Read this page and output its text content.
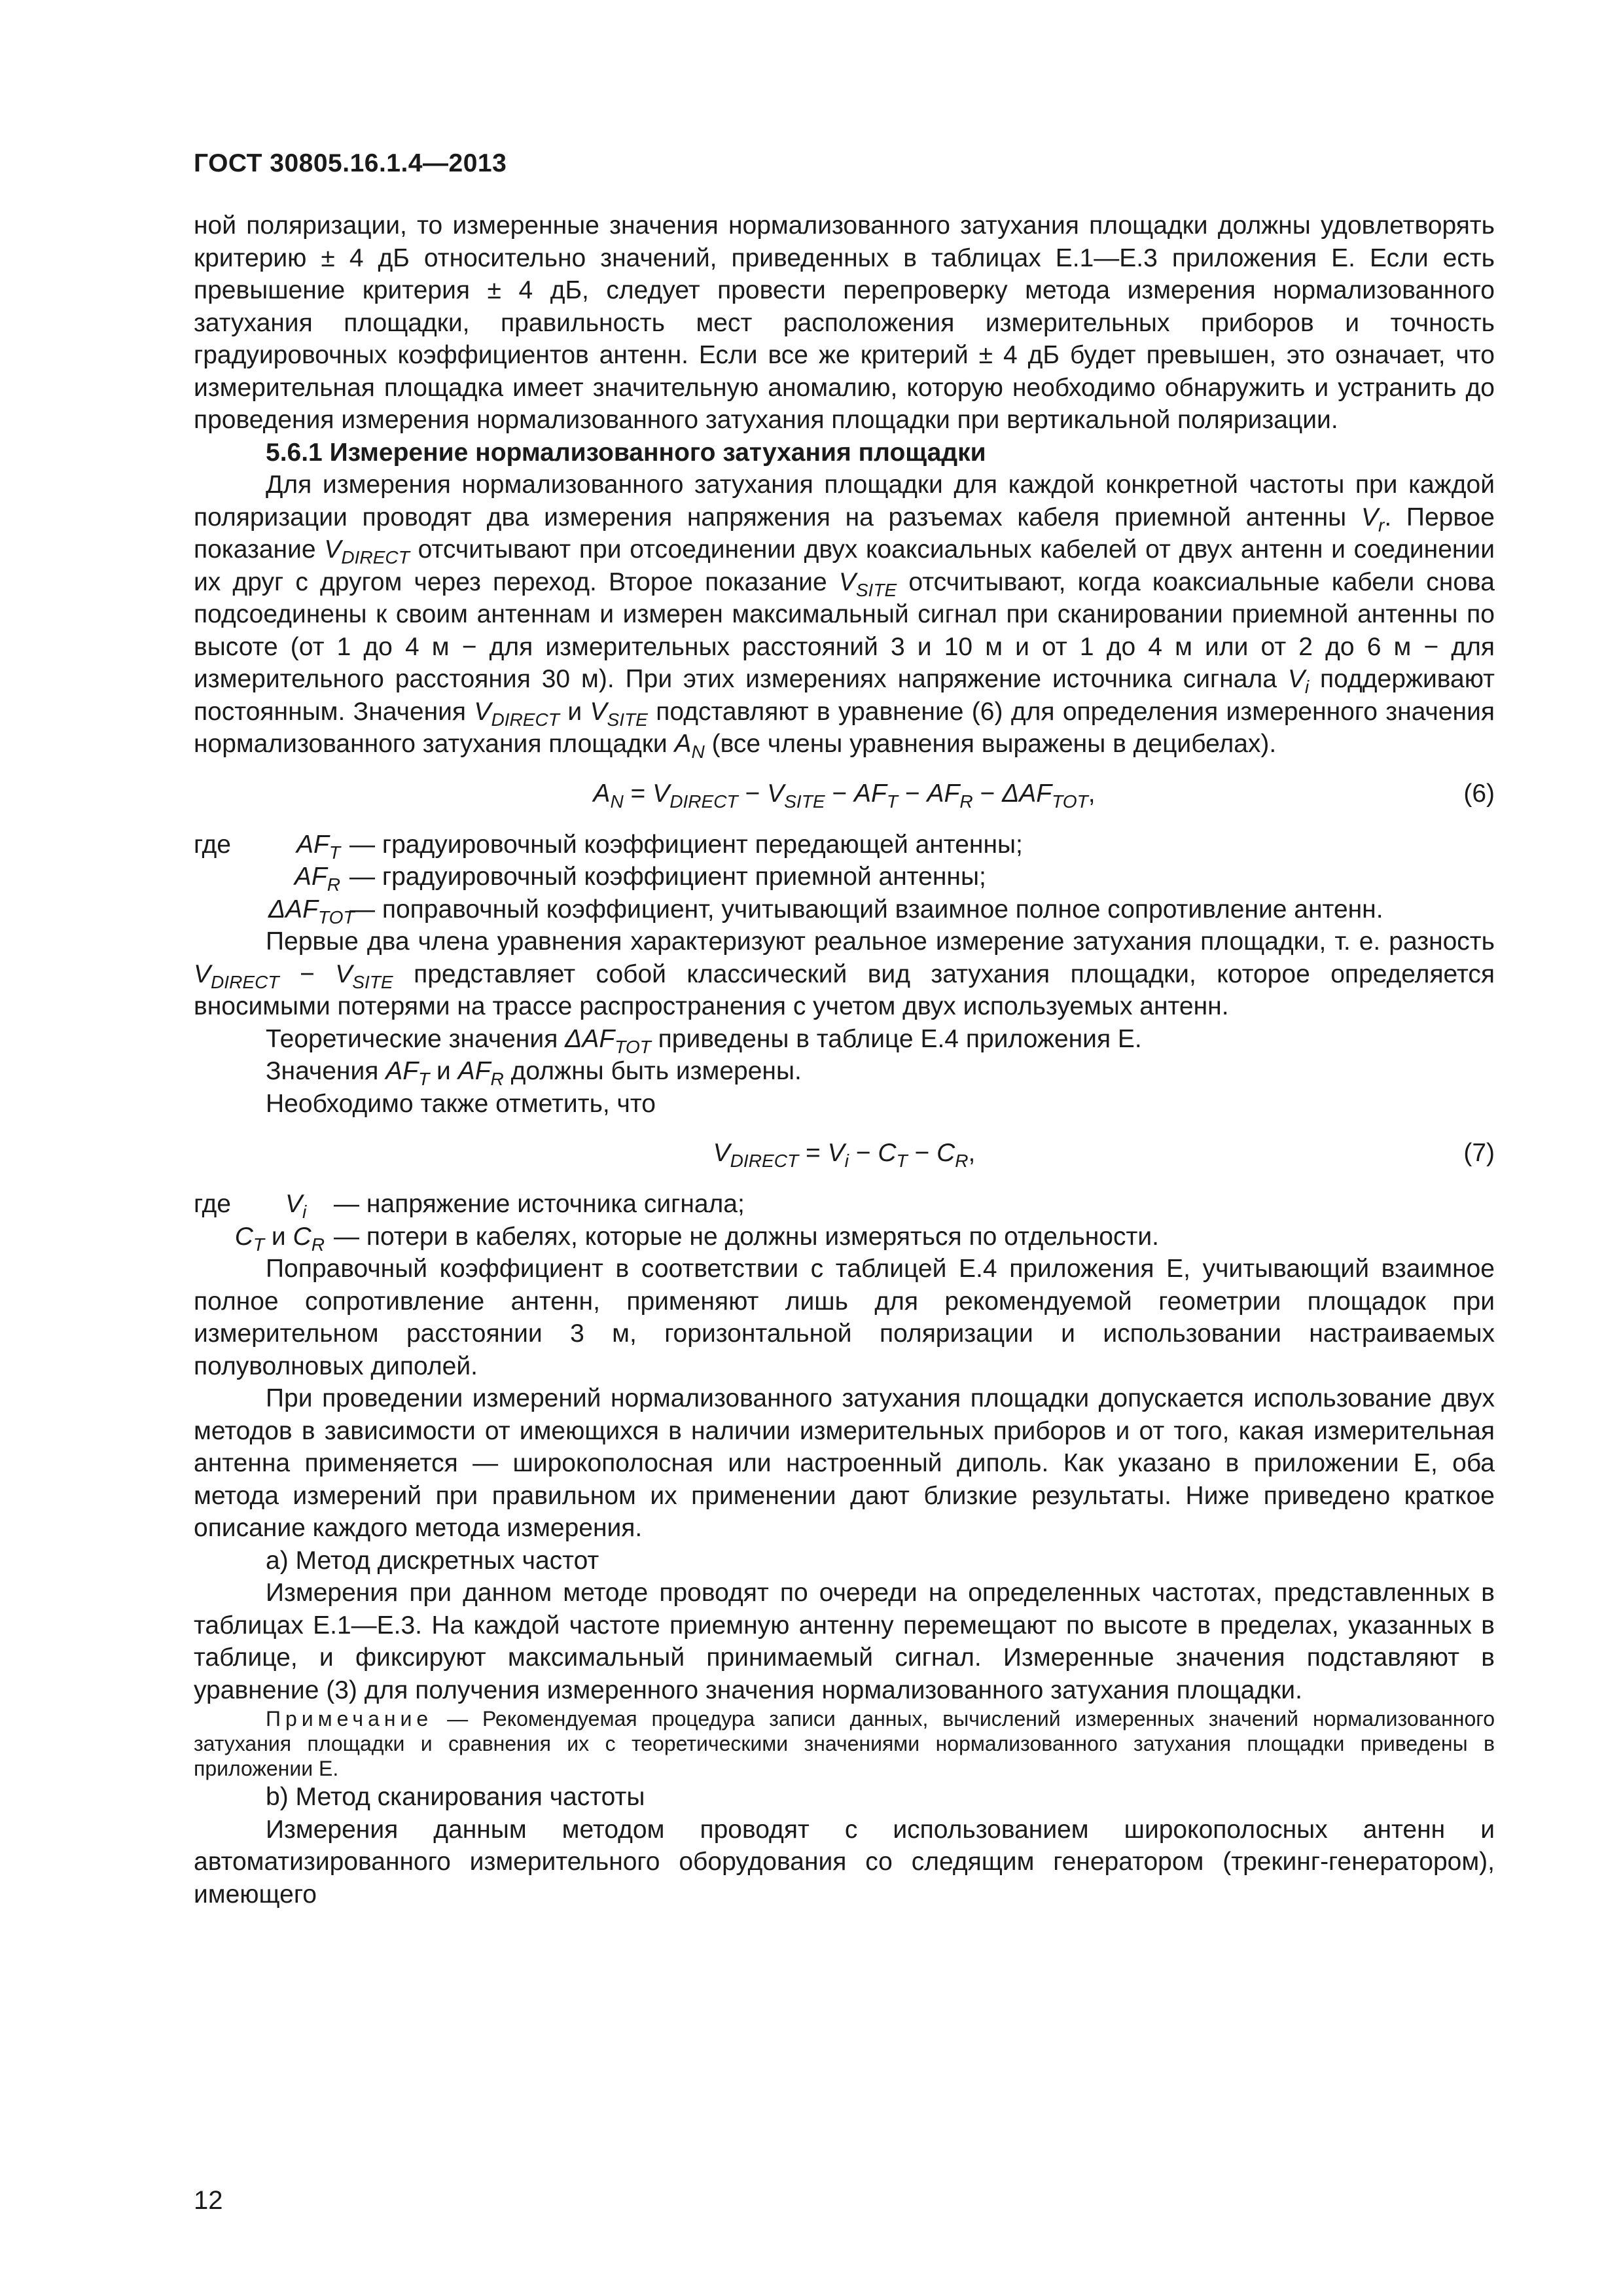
ГОСТ 30805.16.1.4—2013

ной поляризации, то измеренные значения нормализованного затухания площадки должны удовлетворять критерию ± 4 дБ относительно значений, приведенных в таблицах Е.1—Е.3 приложения Е. Если есть превышение критерия ± 4 дБ, следует провести перепроверку метода измерения нормализованного затухания площадки, правильность мест расположения измерительных приборов и точность градуировочных коэффициентов антенн. Если все же критерий ± 4 дБ будет превышен, это означает, что измерительная площадка имеет значительную аномалию, которую необходимо обнаружить и устранить до проведения измерения нормализованного затухания площадки при вертикальной поляризации.

5.6.1 Измерение нормализованного затухания площадки

Для измерения нормализованного затухания площадки для каждой конкретной частоты при каждой поляризации проводят два измерения напряжения на разъемах кабеля приемной антенны $V_r$. Первое показание $V_{DIRECT}$ отсчитывают при отсоединении двух коаксиальных кабелей от двух антенн и соединении их друг с другом через переход. Второе показание $V_{SITE}$ отсчитывают, когда коаксиальные кабели снова подсоединены к своим антеннам и измерен максимальный сигнал при сканировании приемной антенны по высоте (от 1 до 4 м − для измерительных расстояний 3 и 10 м и от 1 до 4 м или от 2 до 6 м − для измерительного расстояния 30 м). При этих измерениях напряжение источника сигнала $V_i$ поддерживают постоянным. Значения $V_{DIRECT}$ и $V_{SITE}$ подставляют в уравнение (6) для определения измеренного значения нормализованного затухания площадки $A_N$ (все члены уравнения выражены в децибелах).

$A_N = V_{DIRECT} - V_{SITE} - AF_T - AF_R - \Delta AF_{TOT}$,	(6)
где	$AF_T$ — градуировочный коэффициент передающей антенны;
$AF_R$ — градуировочный коэффициент приемной антенны;
$\Delta AF_{TOT}$
— поправочный коэффициент, учитывающий взаимное полное сопротивление антенн.

Первые два члена уравнения характеризуют реальное измерение затухания площадки, т. е. разность $V_{DIRECT} - V_{SITE}$ представляет собой классический вид затухания площадки, которое определяется вносимыми потерями на трассе распространения с учетом двух используемых антенн.

Теоретические значения $\Delta AF_{TOT}$ приведены в таблице Е.4 приложения Е.

Значения $AF_T$ и $AF_R$ должны быть измерены.

Необходимо также отметить, что

$V_{DIRECT} = V_i - C_T - C_R$,	(7)
где	$V_i$	— напряжение источника сигнала;
$C_T$ и $C_R$ — потери в кабелях, которые не должны измеряться по отдельности.

Поправочный коэффициент в соответствии с таблицей Е.4 приложения Е, учитывающий взаимное полное сопротивление антенн, применяют лишь для рекомендуемой геометрии площадок при измерительном расстоянии 3 м, горизонтальной поляризации и использовании настраиваемых полуволновых диполей.

При проведении измерений нормализованного затухания площадки допускается использование двух методов в зависимости от имеющихся в наличии измерительных приборов и от того, какая измерительная антенна применяется — широкополосная или настроенный диполь. Как указано в приложении Е, оба метода измерений при правильном их применении дают близкие результаты. Ниже приведено краткое описание каждого метода измерения.

а) Метод дискретных частот

Измерения при данном методе проводят по очереди на определенных частотах, представленных в таблицах Е.1—Е.3. На каждой частоте приемную антенну перемещают по высоте в пределах, указанных в таблице, и фиксируют максимальный принимаемый сигнал. Измеренные значения подставляют в уравнение (3) для получения измеренного значения нормализованного затухания площадки.

Примечание — Рекомендуемая процедура записи данных, вычислений измеренных значений нормализованного затухания площадки и сравнения их с теоретическими значениями нормализованного затухания площадки приведены в приложении Е.

b) Метод сканирования частоты

Измерения данным методом проводят с использованием широкополосных антенн и автоматизированного измерительного оборудования со следящим генератором (трекинг-генератором), имеющего

12
